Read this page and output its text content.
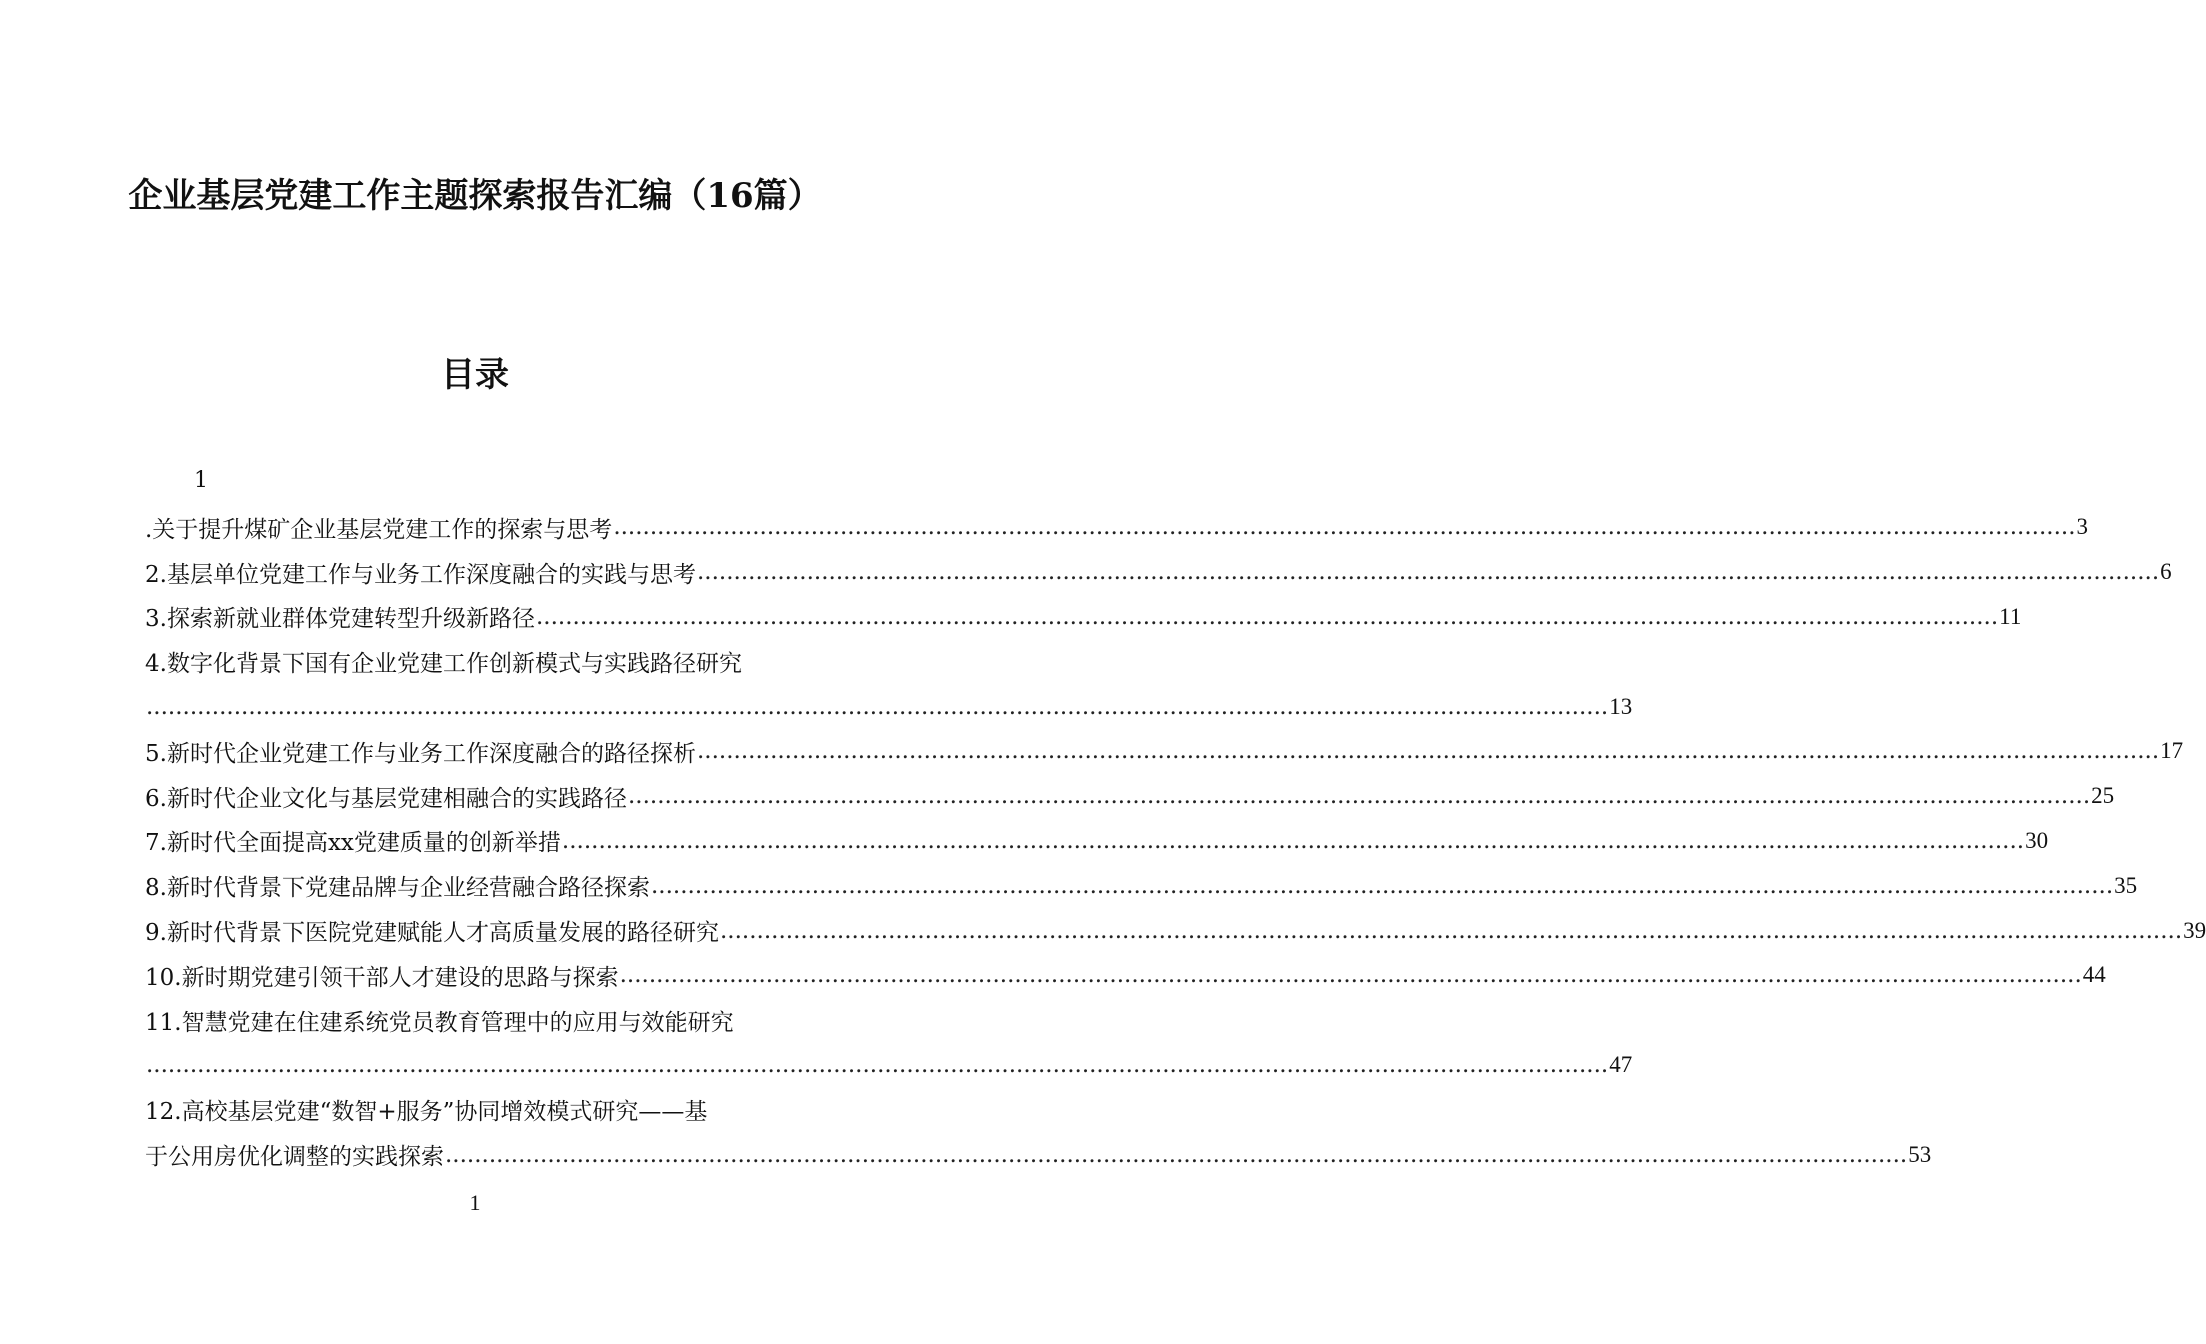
企业基层党建工作主题探索报告汇编（16篇）
目录
1
.关于提升煤矿企业基层党建工作的探索与思考 ........................................................................................................................................................................................................ 3
2.基层单位党建工作与业务工作深度融合的实践与思考 ........................................................................................................................................................................................................ 6
3.探索新就业群体党建转型升级新路径 ........................................................................................................................................................................................................ 11
4.数字化背景下国有企业党建工作创新模式与实践路径研究
........................................................................................................................................................................................................ 13
5.新时代企业党建工作与业务工作深度融合的路径探析 ........................................................................................................................................................................................................ 17
6.新时代企业文化与基层党建相融合的实践路径 ........................................................................................................................................................................................................ 25
7.新时代全面提高xx党建质量的创新举措 ........................................................................................................................................................................................................ 30
8.新时代背景下党建品牌与企业经营融合路径探索 ........................................................................................................................................................................................................ 35
9.新时代背景下医院党建赋能人才高质量发展的路径研究 ........................................................................................................................................................................................................ 39
10.新时期党建引领干部人才建设的思路与探索 ........................................................................................................................................................................................................ 44
11.智慧党建在住建系统党员教育管理中的应用与效能研究
........................................................................................................................................................................................................ 47
12.高校基层党建“数智+服务”协同增效模式研究——基
于公用房优化调整的实践探索 ........................................................................................................................................................................................................ 53
1
